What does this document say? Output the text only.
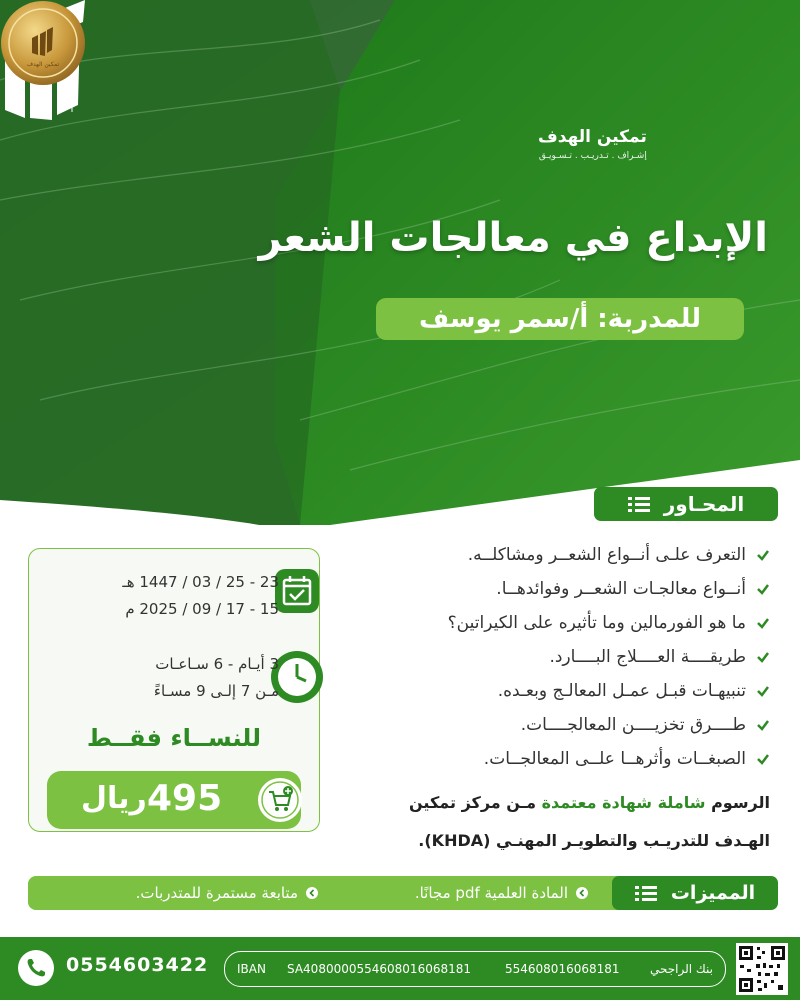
تمكين الهدف
إشـراف . تـدريـب . تـسـويـق
الإبداع في معالجات الشعر
للمدربة: أ/سمر يوسف
تمكين الهدف
المحـاور
التعرف علـى أنــواع الشعــر ومشاكلــه.
أنــواع معالجـات الشعــر وفوائدهــا.
ما هو الفورمالين وما تأثيره على الكيراتين؟
طريقــــة العــــلاج البــــارد.
تنبيهـات قبـل عمـل المعالـج وبعـده.
طــــرق تخزيــــن المعالجــــات.
الصبغــات وأثرهــا علــى المعالجــات.
23 - 25 / 03 / 1447 هـ
15 - 17 / 09 / 2025 م
3 أيـام - 6 سـاعـات
مـن 7 إلـى 9 مسـاءً
للنســاء فقــط
ريال 495	الرسوم شاملة شهادة معتمدة مـن مركز تمكين
الهـدف للتدريـب والتطويـر المهنـي (KHDA).
المميزات
المادة العلمية pdf مجانًا.
متابعة مستمرة للمتدربات.
0554603422 IBAN SA4080000554608016068181	554608016068181	بنك الراجحي
